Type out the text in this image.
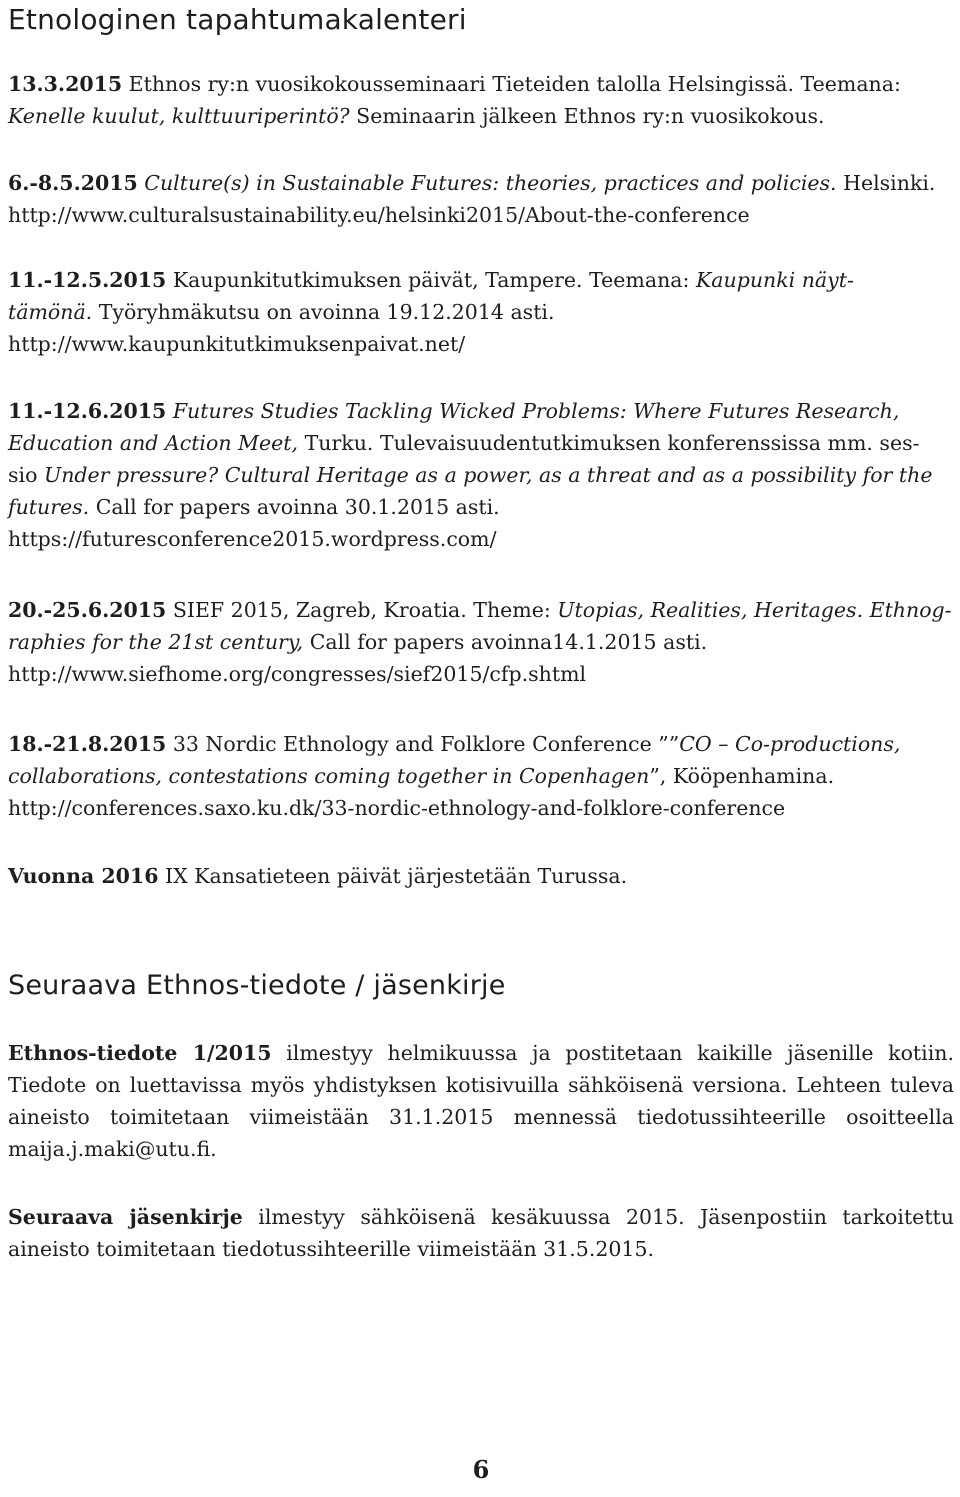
Etnologinen tapahtumakalenteri

13.3.2015 Ethnos ry:n vuosikokousseminaari Tieteiden talolla Helsingissä. Teemana:

Kenelle kuulut, kulttuuriperintö? Seminaarin jälkeen Ethnos ry:n vuosikokous.

6.-8.5.2015 Culture(s) in Sustainable Futures: theories, practices and policies. Helsinki.

http://www.culturalsustainability.eu/helsinki2015/About-the-conference

11.-12.5.2015 Kaupunkitutkimuksen päivät, Tampere. Teemana: Kaupunki näyt-

tämönä. Työryhmäkutsu on avoinna 19.12.2014 asti.

http://www.kaupunkitutkimuksenpaivat.net/

11.-12.6.2015 Futures Studies Tackling Wicked Problems: Where Futures Research,

Education and Action Meet, Turku. Tulevaisuudentutkimuksen konferenssissa mm. ses-

sio Under pressure? Cultural Heritage as a power, as a threat and as a possibility for the

futures. Call for papers avoinna 30.1.2015 asti.

https://futuresconference2015.wordpress.com/

20.-25.6.2015 SIEF 2015, Zagreb, Kroatia. Theme: Utopias, Realities, Heritages. Ethnog-

raphies for the 21st century, Call for papers avoinna14.1.2015 asti.

http://www.siefhome.org/congresses/sief2015/cfp.shtml

18.-21.8.2015 33 Nordic Ethnology and Folklore Conference ””CO – Co-productions,

collaborations, contestations coming together in Copenhagen”, Kööpenhamina.

http://conferences.saxo.ku.dk/33-nordic-ethnology-and-folklore-conference

Vuonna 2016 IX Kansatieteen päivät järjestetään Turussa.

Seuraava Ethnos-tiedote / jäsenkirje

Ethnos-tiedote 1/2015 ilmestyy helmikuussa ja postitetaan kaikille jäsenille kotiin. Tiedote on luettavissa myös yhdistyksen kotisivuilla sähköisenä versiona. Lehteen tuleva aineisto toimitetaan viimeistään 31.1.2015 mennessä tiedotussihteerille osoitteella maija.j.maki@utu.fi.

Seuraava jäsenkirje ilmestyy sähköisenä kesäkuussa 2015. Jäsenpostiin tarkoitettu aineisto toimitetaan tiedotussihteerille viimeistään 31.5.2015.

6
